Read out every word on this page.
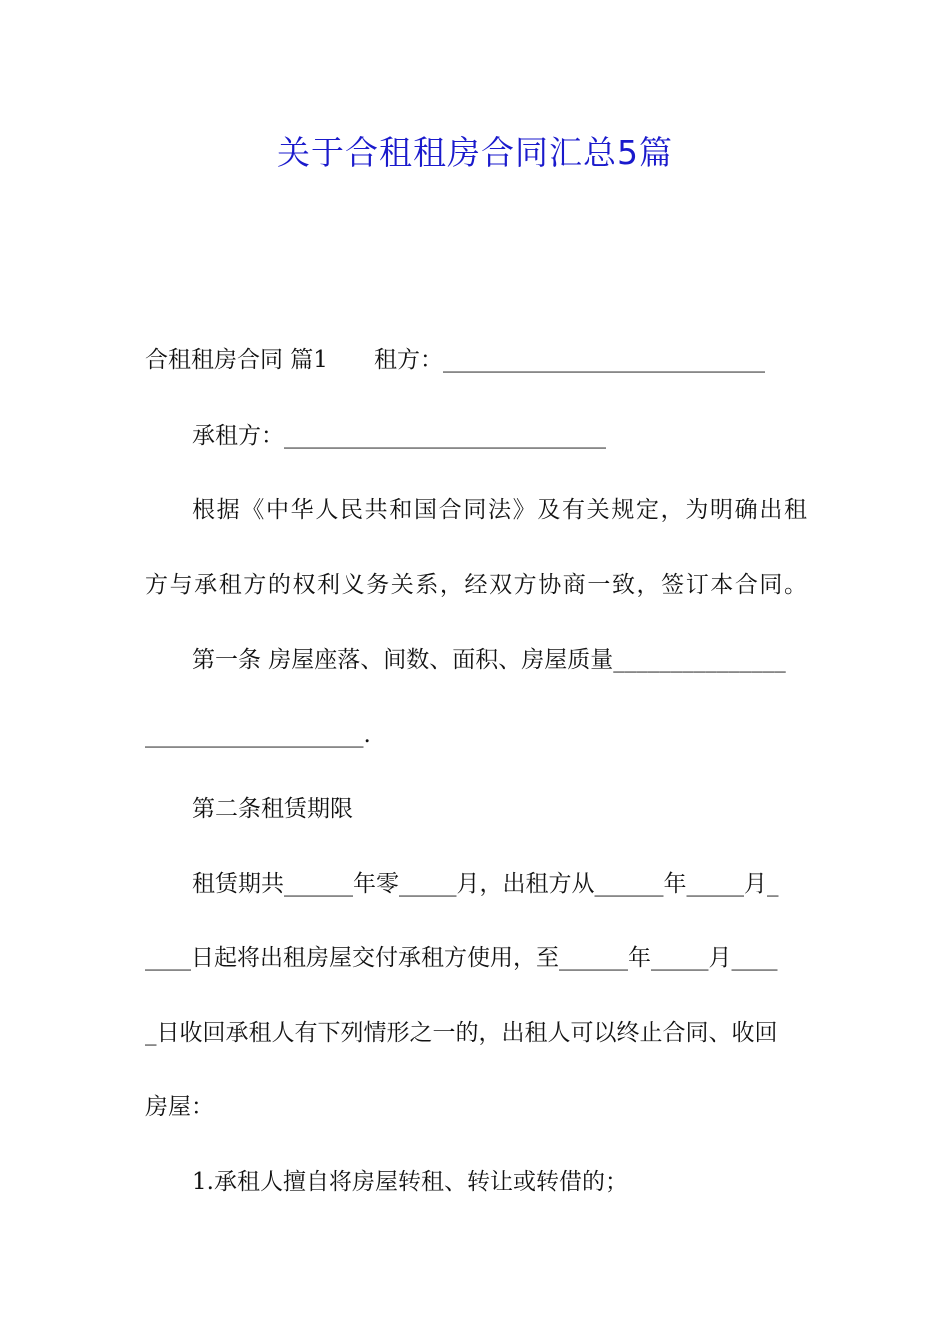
关于合租租房合同汇总5篇
合租租房合同 篇1 租方：____________________________
承租方：____________________________
根据《中华人民共和国合同法》及有关规定，为明确出租
方与承租方的权利义务关系，经双方协商一致，签订本合同。
第一条 房屋座落、间数、面积、房屋质量_______________
___________________.
第二条租赁期限
租赁期共______年零_____月，出租方从______年_____月_
____日起将出租房屋交付承租方使用，至______年_____月____
_日收回承租人有下列情形之一的，出租人可以终止合同、收回
房屋：
1.承租人擅自将房屋转租、转让或转借的；
